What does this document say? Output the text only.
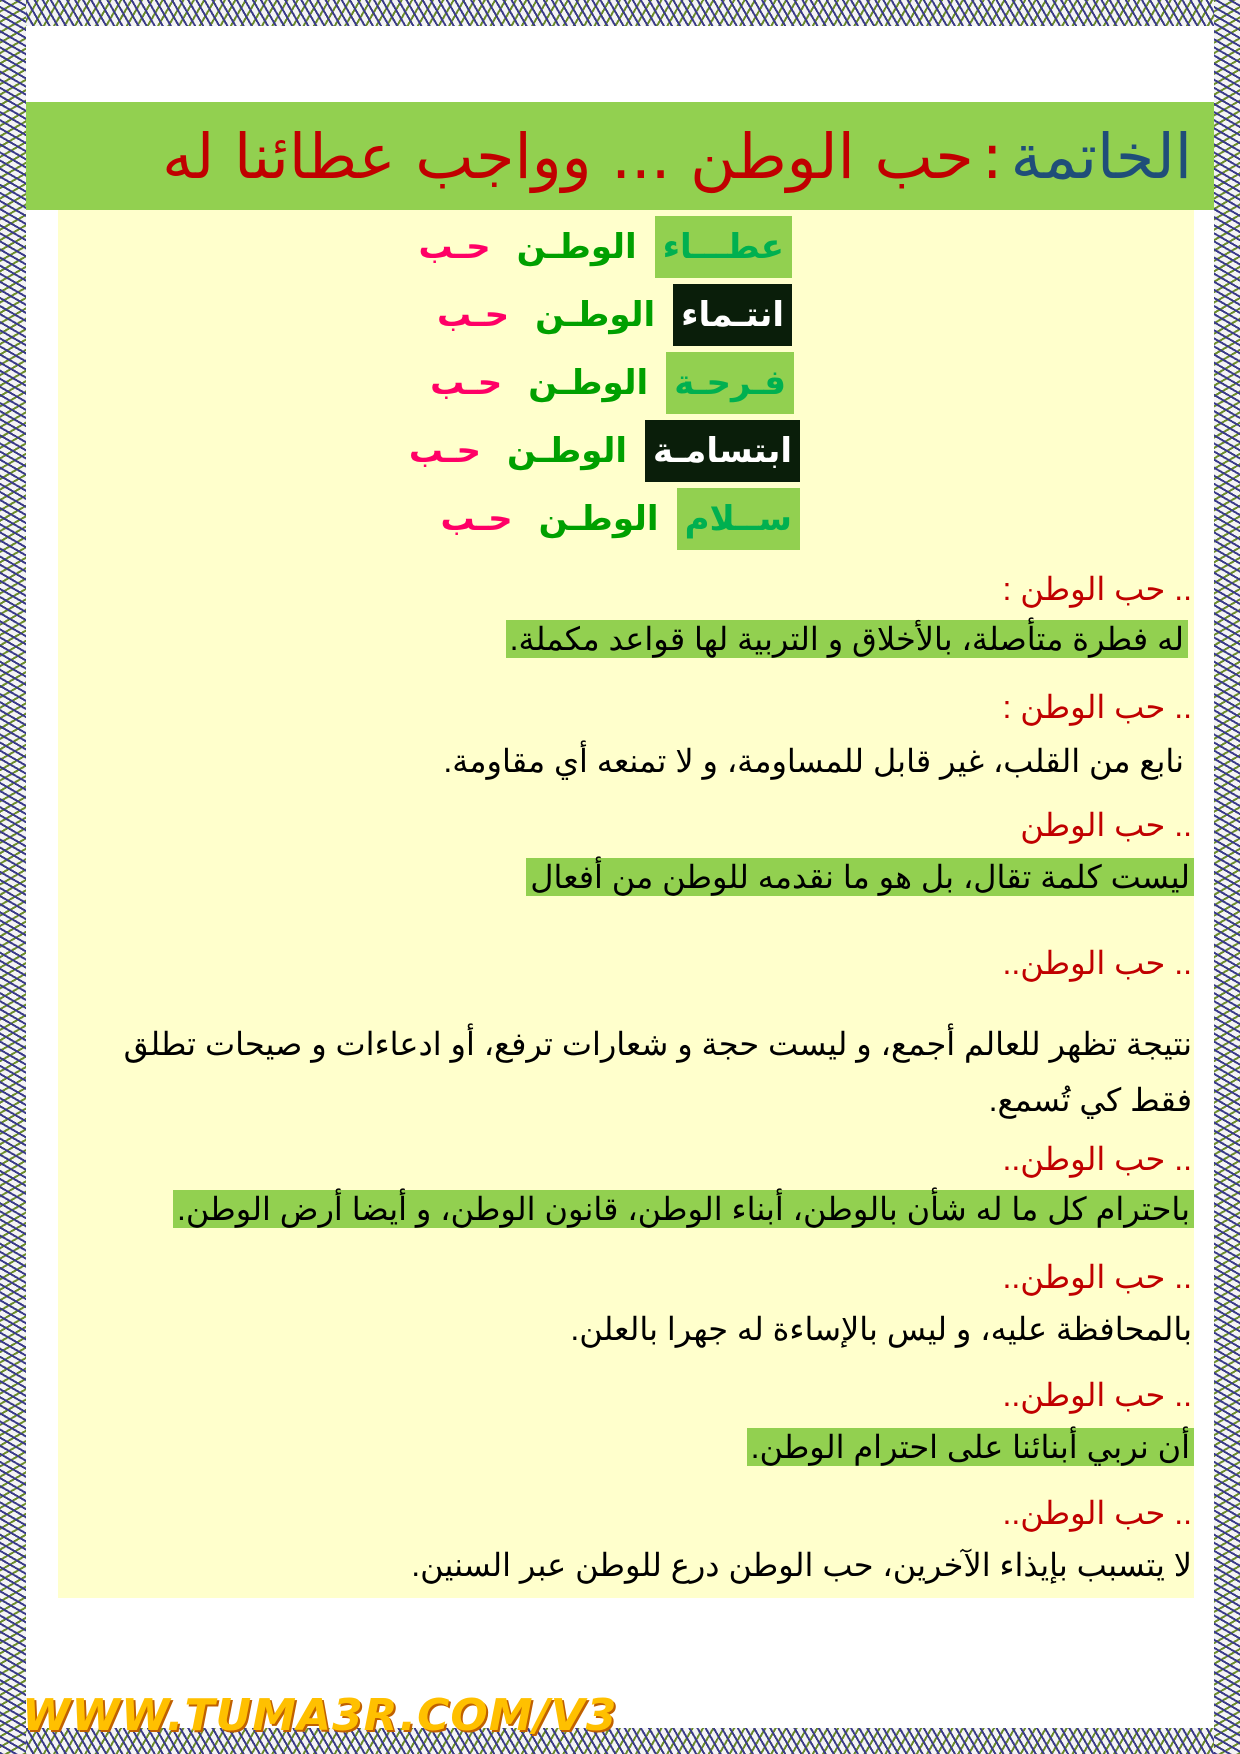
الخاتمة
:
حب الوطن ... وواجب عطائنا له
عطـــاء
الوطـن
حـب
انتـماء
الوطـن
حـب
فـرحـة
الوطـن
حـب
ابتسامـة
الوطـن
حـب
ســلام
الوطـن
حـب
.. حب الوطن :
له فطرة متأصلة، بالأخلاق و التربية لها قواعد مكملة.
.. حب الوطن :
نابع من القلب، غير قابل للمساومة، و لا تمنعه أي مقاومة.
.. حب الوطن
ليست كلمة تقال، بل هو ما نقدمه للوطن من أفعال
.. حب الوطن..
نتيجة تظهر للعالم أجمع، و ليست حجة و شعارات ترفع، أو ادعاءات و صيحات تطلق فقط كي تُسمع.
.. حب الوطن..
باحترام كل ما له شأن بالوطن، أبناء الوطن، قانون الوطن، و أيضا أرض الوطن.
.. حب الوطن..
بالمحافظة عليه، و ليس بالإساءة له جهرا بالعلن.
.. حب الوطن..
أن نربي أبنائنا على احترام الوطن.
.. حب الوطن..
لا يتسبب بإيذاء الآخرين، حب الوطن درع للوطن عبر السنين.
WWW.TUMA3R.COM/V3
